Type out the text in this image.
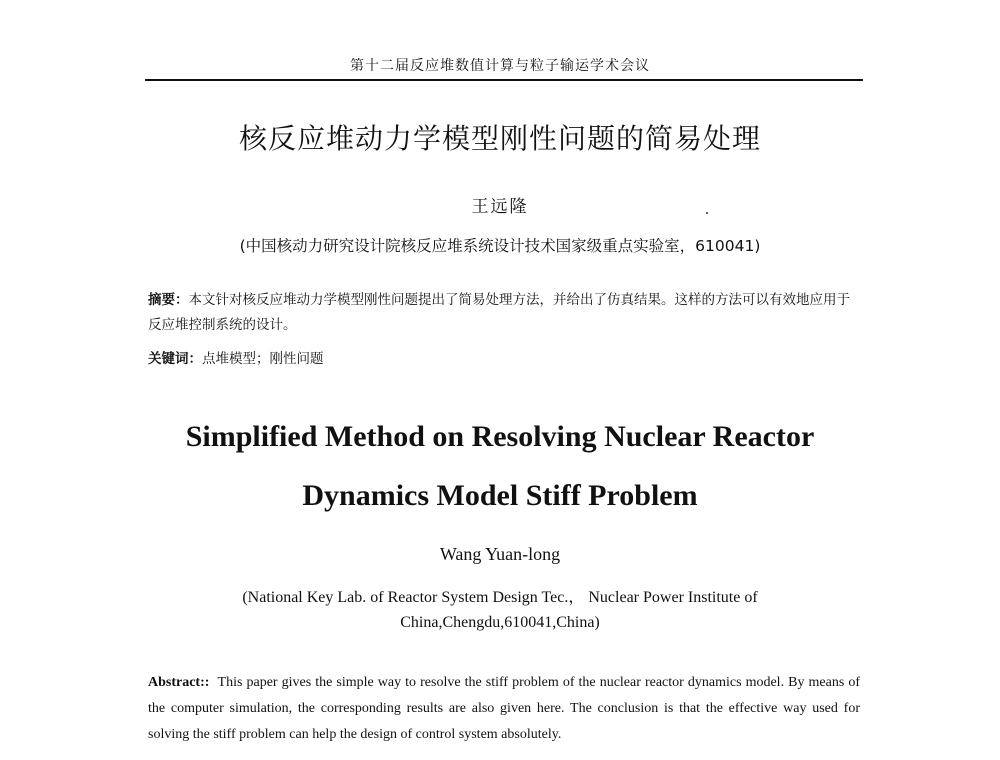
第十二届反应堆数值计算与粒子输运学术会议
核反应堆动力学模型刚性问题的简易处理
王远隆
(中国核动力研究设计院核反应堆系统设计技术国家级重点实验室，610041)
摘要：本文针对核反应堆动力学模型刚性问题提出了简易处理方法，并给出了仿真结果。这样的方法可以有效地应用于反应堆控制系统的设计。
关键词：点堆模型；刚性问题
Simplified Method on Resolving Nuclear Reactor
Dynamics Model Stiff Problem
Wang Yuan-long
(National Key Lab. of Reactor System Design Tec.， Nuclear Power Institute of
China,Chengdu,610041,China)
Abstract:: This paper gives the simple way to resolve the stiff problem of the nuclear reactor dynamics model. By means of the computer simulation, the corresponding results are also given here. The conclusion is that the effective way used for solving the stiff problem can help the design of control system absolutely.
